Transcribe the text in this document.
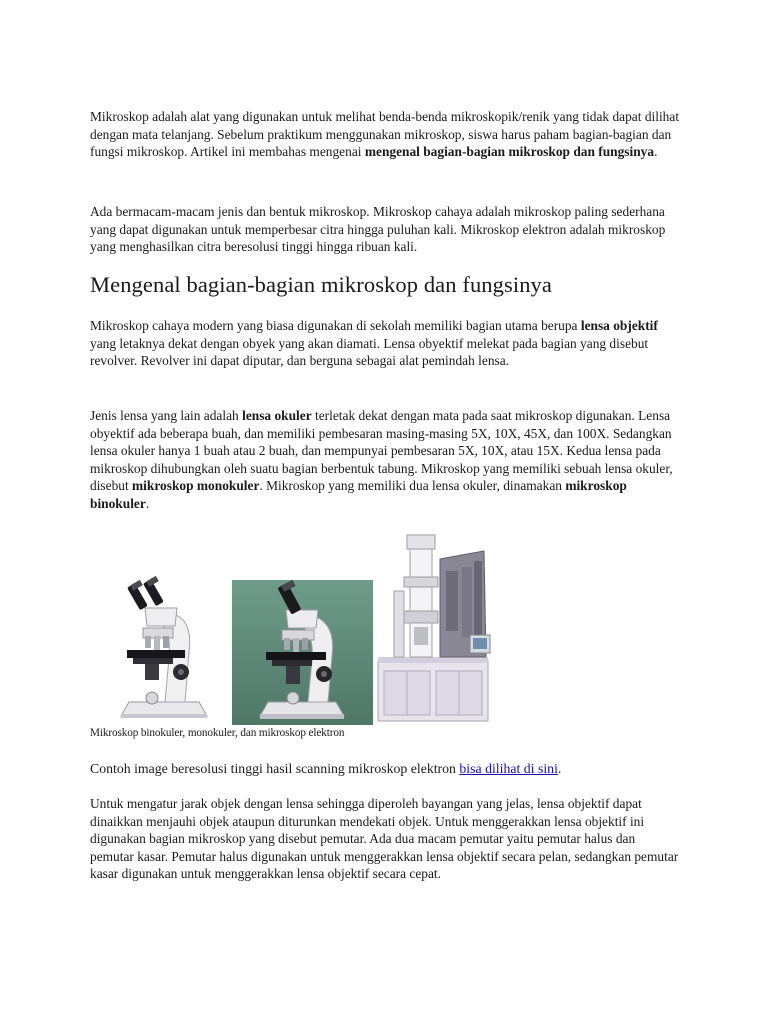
Mikroskop adalah alat yang digunakan untuk melihat benda-benda mikroskopik/renik yang tidak dapat dilihat dengan mata telanjang. Sebelum praktikum menggunakan mikroskop, siswa harus paham bagian-bagian dan fungsi mikroskop. Artikel ini membahas mengenai mengenal bagian-bagian mikroskop dan fungsinya.
Ada bermacam-macam jenis dan bentuk mikroskop. Mikroskop cahaya adalah mikroskop paling sederhana yang dapat digunakan untuk memperbesar citra hingga puluhan kali. Mikroskop elektron adalah mikroskop yang menghasilkan citra beresolusi tinggi hingga ribuan kali.
Mengenal bagian-bagian mikroskop dan fungsinya
Mikroskop cahaya modern yang biasa digunakan di sekolah memiliki bagian utama berupa lensa objektif yang letaknya dekat dengan obyek yang akan diamati. Lensa obyektif melekat pada bagian yang disebut revolver. Revolver ini dapat diputar, dan berguna sebagai alat pemindah lensa.
Jenis lensa yang lain adalah lensa okuler terletak dekat dengan mata pada saat mikroskop digunakan. Lensa obyektif ada beberapa buah, dan memiliki pembesaran masing-masing 5X, 10X, 45X, dan 100X. Sedangkan lensa okuler hanya 1 buah atau 2 buah, dan mempunyai pembesaran 5X, 10X, atau 15X. Kedua lensa pada mikroskop dihubungkan oleh suatu bagian berbentuk tabung. Mikroskop yang memiliki sebuah lensa okuler, disebut mikroskop monokuler. Mikroskop yang memiliki dua lensa okuler, dinamakan mikroskop binokuler.
Mikroskop binokuler, monokuler, dan mikroskop elektron
Contoh image beresolusi tinggi hasil scanning mikroskop elektron bisa dilihat di sini.
Untuk mengatur jarak objek dengan lensa sehingga diperoleh bayangan yang jelas, lensa objektif dapat dinaikkan menjauhi objek ataupun diturunkan mendekati objek. Untuk menggerakkan lensa objektif ini digunakan bagian mikroskop yang disebut pemutar. Ada dua macam pemutar yaitu pemutar halus dan pemutar kasar. Pemutar halus digunakan untuk menggerakkan lensa objektif secara pelan, sedangkan pemutar kasar digunakan untuk menggerakkan lensa objektif secara cepat.
